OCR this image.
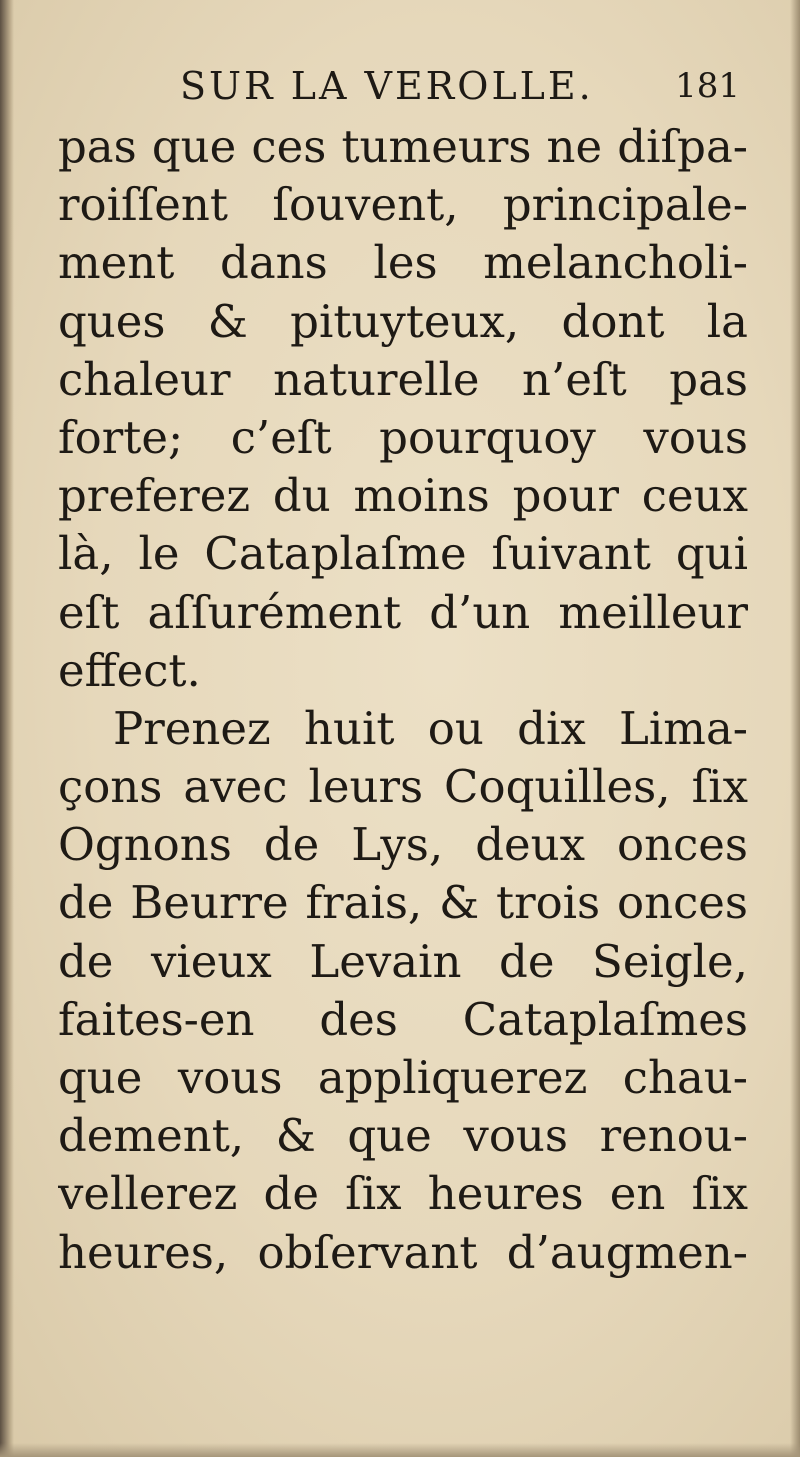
SUR LA VEROLLE. 181
pas que ces tumeurs ne diſpa-
roiſſent ſouvent, principale-
ment dans les melancholi-
ques & pituyteux, dont la
chaleur naturelle n’eſt pas
forte; c’eſt pourquoy vous
preferez du moins pour ceux
là, le Cataplaſme ſuivant qui
eſt aſſurément d’un meilleur
effect.
Prenez huit ou dix Lima-
çons avec leurs Coquilles, ſix
Ognons de Lys, deux onces
de Beurre frais, & trois onces
de vieux Levain de Seigle,
faites-en des Cataplaſmes
que vous appliquerez chau-
dement, & que vous renou-
vellerez de ſix heures en ſix
heures, obſervant d’augmen-
